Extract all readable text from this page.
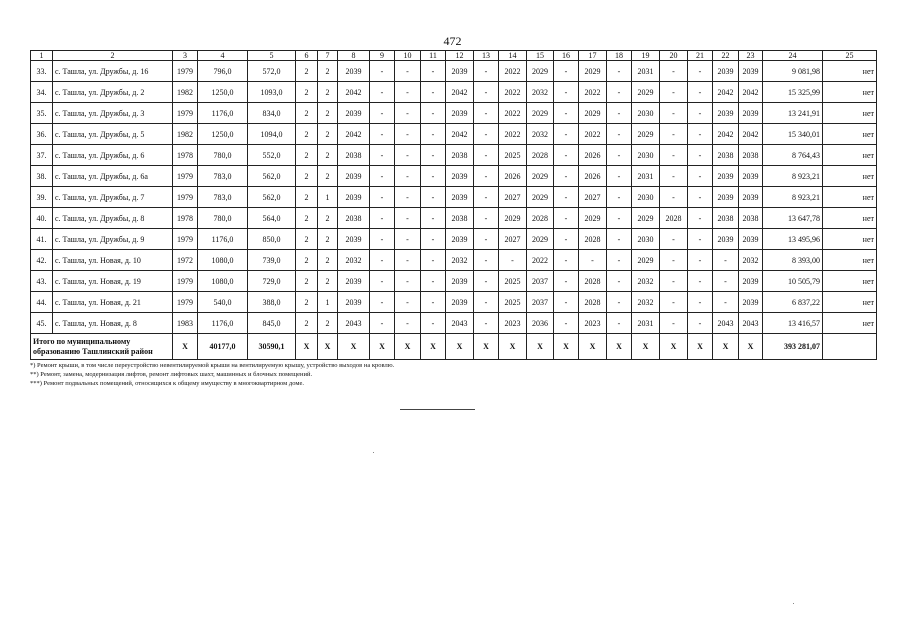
472
1	2	3	4	5	6	7	8	9	10	11	12	13	14	15	16	17	18	19	20	21	22	23	24	25
33.	с. Ташла, ул. Дружбы, д. 16	1979	796,0	572,0	2	2	2039	-	-	-	2039	-	2022	2029	-	2029	-	2031	-	-	2039	2039	9 081,98	нет
34.	с. Ташла, ул. Дружбы, д. 2	1982	1250,0	1093,0	2	2	2042	-	-	-	2042	-	2022	2032	-	2022	-	2029	-	-	2042	2042	15 325,99	нет
35.	с. Ташла, ул. Дружбы, д. 3	1979	1176,0	834,0	2	2	2039	-	-	-	2039	-	2022	2029	-	2029	-	2030	-	-	2039	2039	13 241,91	нет
36.	с. Ташла, ул. Дружбы, д. 5	1982	1250,0	1094,0	2	2	2042	-	-	-	2042	-	2022	2032	-	2022	-	2029	-	-	2042	2042	15 340,01	нет
37.	с. Ташла, ул. Дружбы, д. 6	1978	780,0	552,0	2	2	2038	-	-	-	2038	-	2025	2028	-	2026	-	2030	-	-	2038	2038	8 764,43	нет
38.	с. Ташла, ул. Дружбы, д. 6а	1979	783,0	562,0	2	2	2039	-	-	-	2039	-	2026	2029	-	2026	-	2031	-	-	2039	2039	8 923,21	нет
39.	с. Ташла, ул. Дружбы, д. 7	1979	783,0	562,0	2	1	2039	-	-	-	2039	-	2027	2029	-	2027	-	2030	-	-	2039	2039	8 923,21	нет
40.	с. Ташла, ул. Дружбы, д. 8	1978	780,0	564,0	2	2	2038	-	-	-	2038	-	2029	2028	-	2029	-	2029	2028	-	2038	2038	13 647,78	нет
41.	с. Ташла, ул. Дружбы, д. 9	1979	1176,0	850,0	2	2	2039	-	-	-	2039	-	2027	2029	-	2028	-	2030	-	-	2039	2039	13 495,96	нет
42.	с. Ташла, ул. Новая, д. 10	1972	1080,0	739,0	2	2	2032	-	-	-	2032	-	-	2022	-	-	-	2029	-	-	-	2032	8 393,00	нет
43.	с. Ташла, ул. Новая, д. 19	1979	1080,0	729,0	2	2	2039	-	-	-	2039	-	2025	2037	-	2028	-	2032	-	-	-	2039	10 505,79	нет
44.	с. Ташла, ул. Новая, д. 21	1979	540,0	388,0	2	1	2039	-	-	-	2039	-	2025	2037	-	2028	-	2032	-	-	-	2039	6 837,22	нет
45.	с. Ташла, ул. Новая, д. 8	1983	1176,0	845,0	2	2	2043	-	-	-	2043	-	2023	2036	-	2023	-	2031	-	-	2043	2043	13 416,57	нет
Итого по муниципальному образованию Ташлинский район		X	40177,0	30590,1	X	X	X	X	X	X	X	X	X	X	X	X	X	X	X	X	X	X	393 281,07	
*) Ремонт крыши, в том числе переустройство невентилируемой крыши на вентилируемую крышу, устройство выходов на кровлю.
**) Ремонт, замена, модернизация лифтов, ремонт лифтовых шахт, машинных и блочных помещений.
***) Ремонт подвальных помещений, относящихся к общему имуществу в многоквартирном доме.
